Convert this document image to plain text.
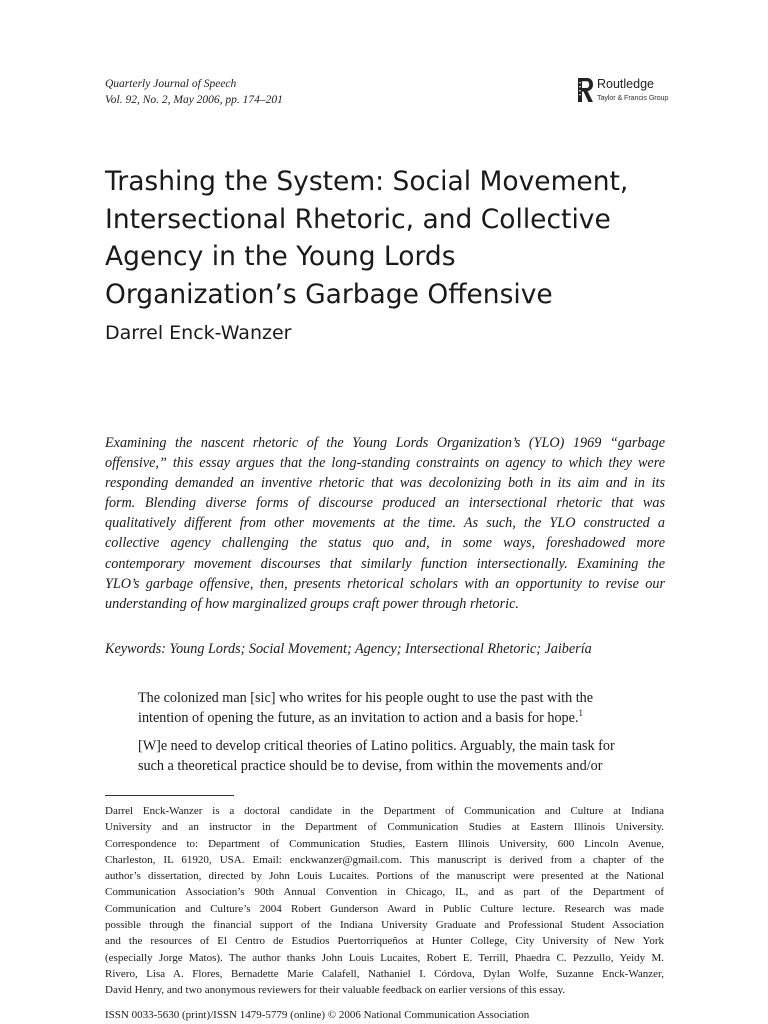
Quarterly Journal of Speech
Vol. 92, No. 2, May 2006, pp. 174–201
Routledge
Taylor & Francis Group
Trashing the System: Social Movement,
Intersectional Rhetoric, and Collective
Agency in the Young Lords
Organization’s Garbage Offensive
Darrel Enck-Wanzer
Examining the nascent rhetoric of the Young Lords Organization’s (YLO) 1969 “garbage
offensive,” this essay argues that the long-standing constraints on agency to which they were
responding demanded an inventive rhetoric that was decolonizing both in its aim and in its
form. Blending diverse forms of discourse produced an intersectional rhetoric that was
qualitatively different from other movements at the time. As such, the YLO constructed a
collective agency challenging the status quo and, in some ways, foreshadowed more
contemporary movement discourses that similarly function intersectionally. Examining the
YLO’s garbage offensive, then, presents rhetorical scholars with an opportunity to revise our
understanding of how marginalized groups craft power through rhetoric.
Keywords: Young Lords; Social Movement; Agency; Intersectional Rhetoric; Jaibería
The colonized man [sic] who writes for his people ought to use the past with the
intention of opening the future, as an invitation to action and a basis for hope.$^1$
[W]e need to develop critical theories of Latino politics. Arguably, the main task for
such a theoretical practice should be to devise, from within the movements and/or
Darrel Enck-Wanzer is a doctoral candidate in the Department of Communication and Culture at Indiana
University and an instructor in the Department of Communication Studies at Eastern Illinois University.
Correspondence to: Department of Communication Studies, Eastern Illinois University, 600 Lincoln Avenue,
Charleston, IL 61920, USA. Email: enckwanzer@gmail.com. This manuscript is derived from a chapter of the
author’s dissertation, directed by John Louis Lucaites. Portions of the manuscript were presented at the National
Communication Association’s 90th Annual Convention in Chicago, IL, and as part of the Department of
Communication and Culture’s 2004 Robert Gunderson Award in Public Culture lecture. Research was made
possible through the financial support of the Indiana University Graduate and Professional Student Association
and the resources of El Centro de Estudios Puertorriqueños at Hunter College, City University of New York
(especially Jorge Matos). The author thanks John Louis Lucaites, Robert E. Terrill, Phaedra C. Pezzullo, Yeidy M.
Rivero, Lisa A. Flores, Bernadette Marie Calafell, Nathaniel I. Córdova, Dylan Wolfe, Suzanne Enck-Wanzer,
David Henry, and two anonymous reviewers for their valuable feedback on earlier versions of this essay.
ISSN 0033-5630 (print)/ISSN 1479-5779 (online) © 2006 National Communication Association
